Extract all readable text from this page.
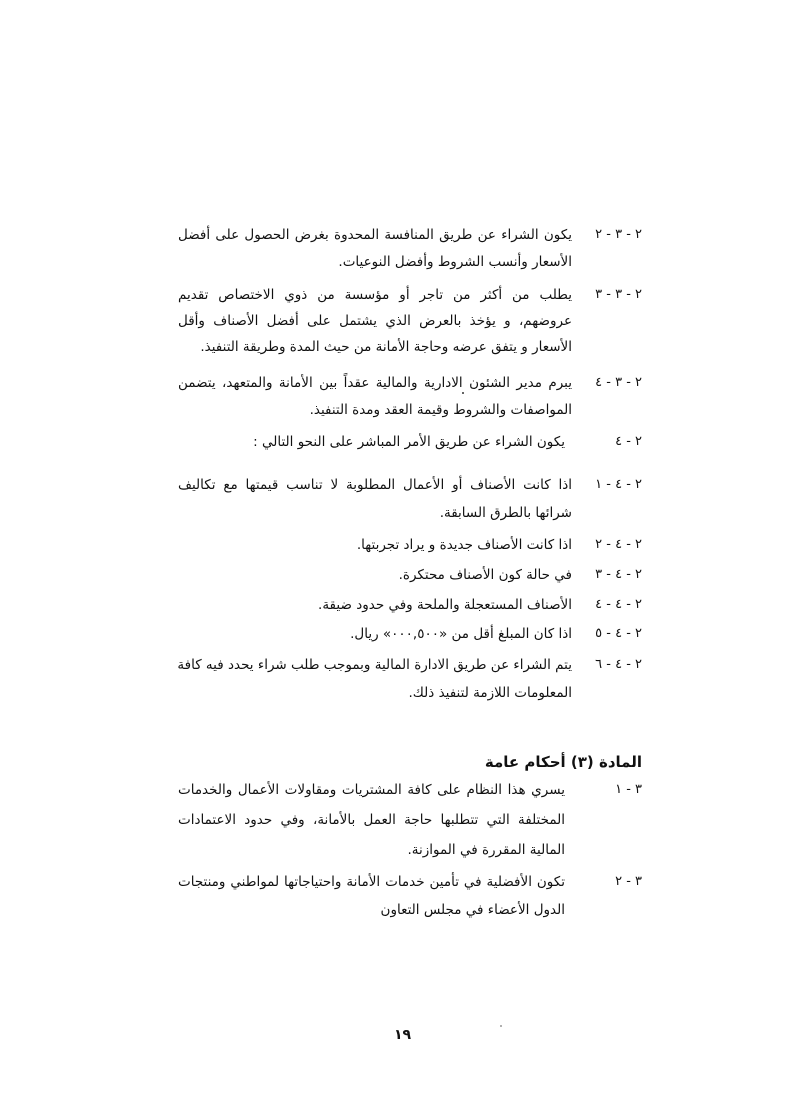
٢ - ٣ - ٢
يكون الشراء عن طريق المنافسة المحدوة بغرض الحصول على أفضل
الأسعار وأنسب الشروط وأفضل النوعيات.
٢ - ٣ - ٣
يطلب من أكثر من تاجر أو مؤسسة من ذوي الاختصاص تقديم
عروضهم، و يؤخذ بالعرض الذي يشتمل على أفضل الأصناف وأقل
الأسعار و يتفق عرضه وحاجة الأمانة من حيث المدة وطريقة التنفيذ.
٢ - ٣ - ٤
يبرم مدير الشئون الادارية والمالية عقداً بين الأمانة والمتعهد، يتضمن
المواصفات والشروط وقيمة العقد ومدة التنفيذ.
٢ - ٤
يكون الشراء عن طريق الأمر المباشر على النحو التالي :
٢ - ٤ - ١
اذا كانت الأصناف أو الأعمال المطلوبة لا تناسب قيمتها مع تكاليف
شرائها بالطرق السابقة.
٢ - ٤ - ٢
اذا كانت الأصناف جديدة و يراد تجربتها.
٢ - ٤ - ٣
في حالة كون الأصناف محتكرة.
٢ - ٤ - ٤
الأصناف المستعجلة والملحة وفي حدود ضيقة.
٢ - ٤ - ٥
اذا كان المبلغ أقل من «٠٠٠,٥٠٠» ريال.
٢ - ٤ - ٦
يتم الشراء عن طريق الادارة المالية وبموجب طلب شراء يحدد فيه كافة
المعلومات اللازمة لتنفيذ ذلك.
المادة (٣) أحكام عامة
٣ - ١
يسري هذا النظام على كافة المشتريات ومقاولات الأعمال والخدمات
المختلفة التي تتطلبها حاجة العمل بالأمانة، وفي حدود الاعتمادات
المالية المقررة في الموازنة.
٣ - ٢
تكون الأفضلية في تأمين خدمات الأمانة واحتياجاتها لمواطني ومنتجات
الدول الأعضاء في مجلس التعاون
١٩
